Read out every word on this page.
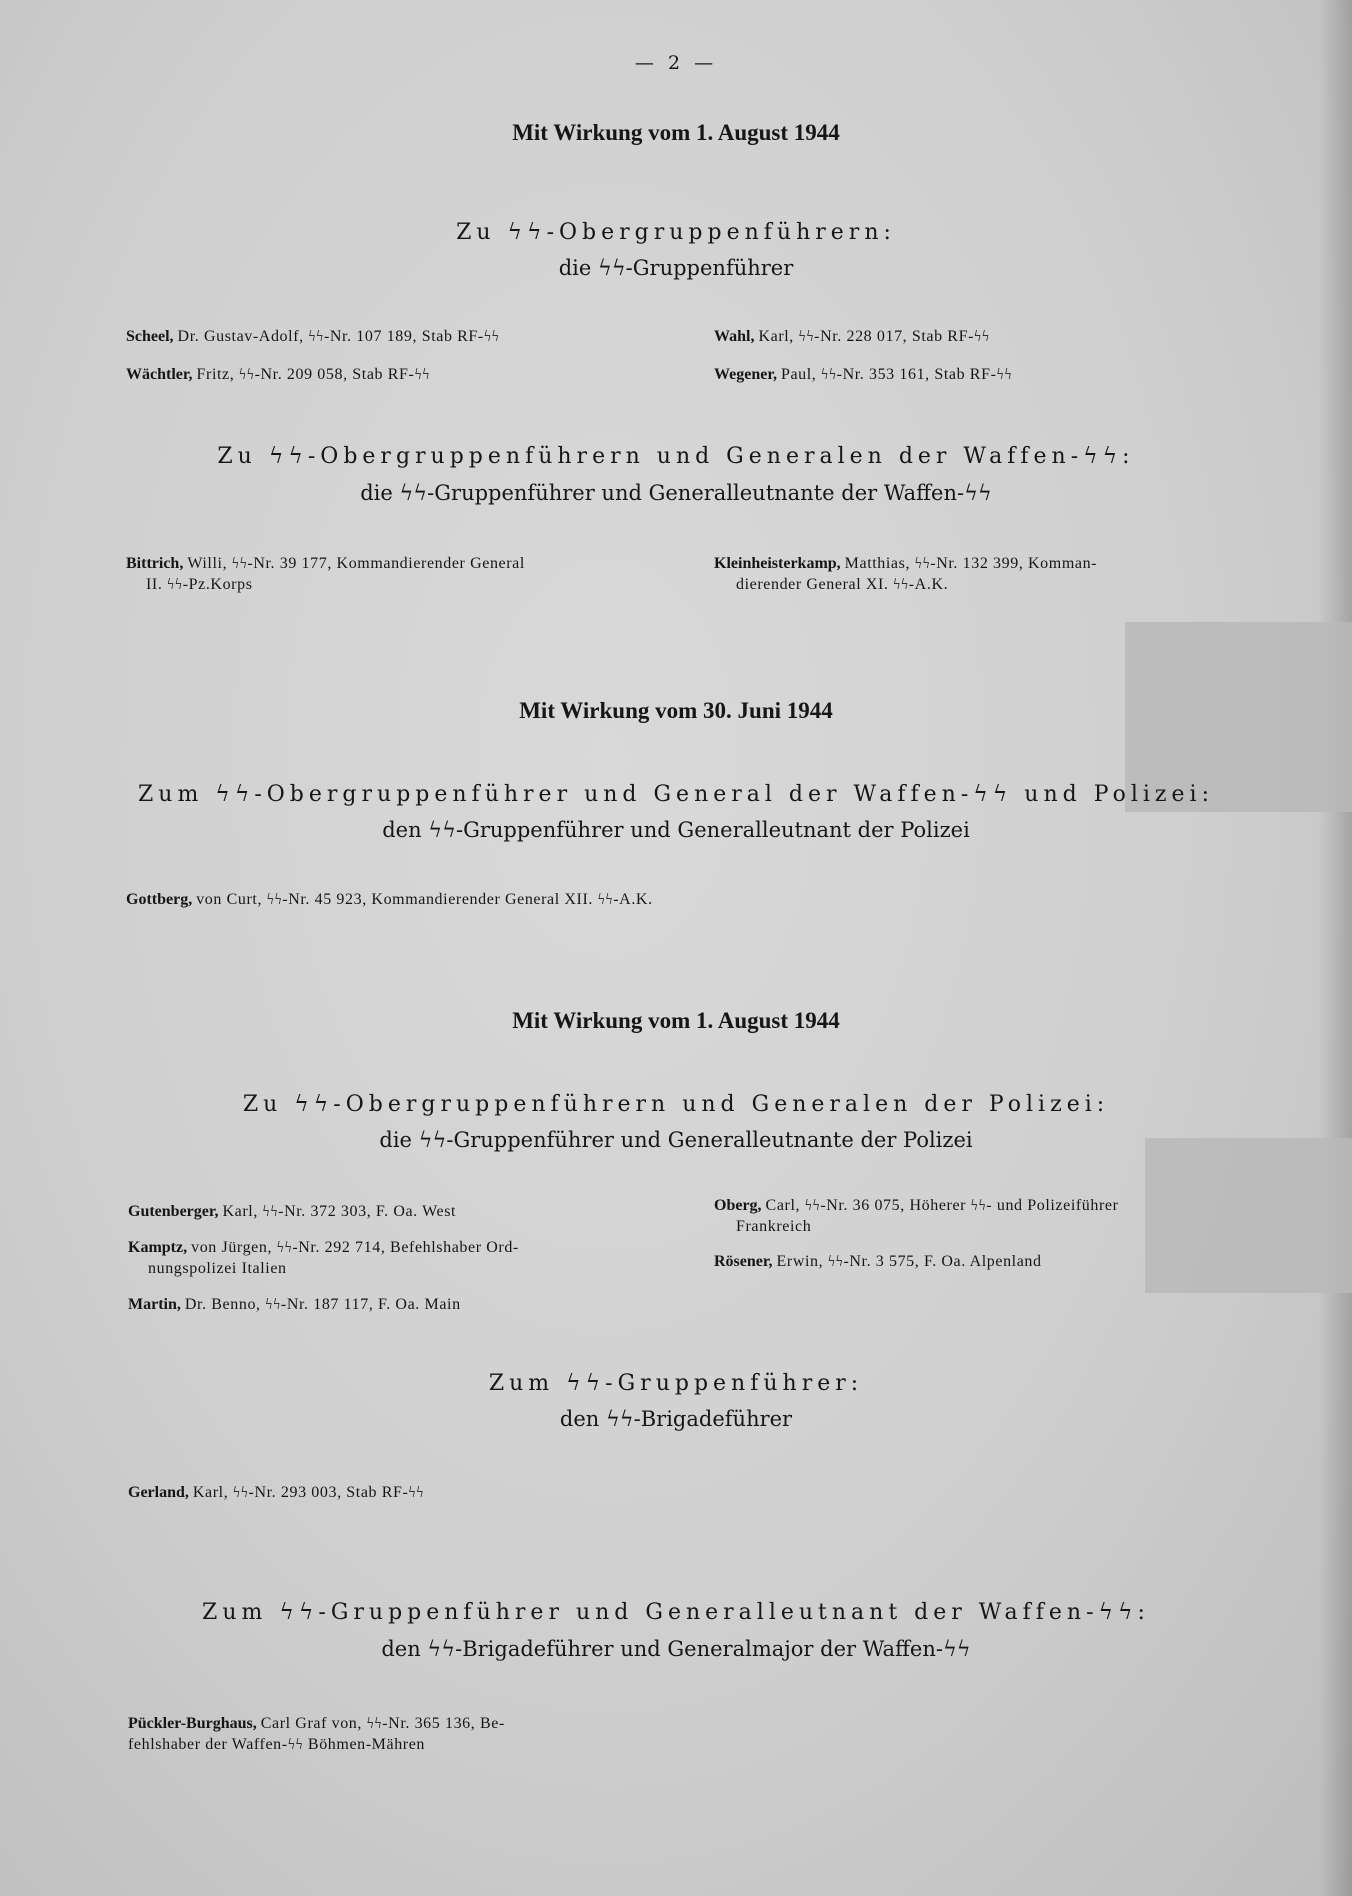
— 2 —
Mit Wirkung vom 1. August 1944
Zu ϟϟ-Obergruppenführern:
die ϟϟ-Gruppenführer
Scheel, Dr. Gustav-Adolf, ϟϟ-Nr. 107 189, Stab RF-ϟϟ
Wächtler, Fritz, ϟϟ-Nr. 209 058, Stab RF-ϟϟ
Wahl, Karl, ϟϟ-Nr. 228 017, Stab RF-ϟϟ
Wegener, Paul, ϟϟ-Nr. 353 161, Stab RF-ϟϟ
Zu ϟϟ-Obergruppenführern und Generalen der Waffen-ϟϟ:
die ϟϟ-Gruppenführer und Generalleutnante der Waffen-ϟϟ
Bittrich, Willi, ϟϟ-Nr. 39 177, Kommandierender General
II. ϟϟ-Pz.Korps
Kleinheisterkamp, Matthias, ϟϟ-Nr. 132 399, Komman-
dierender General XI. ϟϟ-A.K.
Mit Wirkung vom 30. Juni 1944
Zum ϟϟ-Obergruppenführer und General der Waffen-ϟϟ und Polizei:
den ϟϟ-Gruppenführer und Generalleutnant der Polizei
Gottberg, von Curt, ϟϟ-Nr. 45 923, Kommandierender General XII. ϟϟ-A.K.
Mit Wirkung vom 1. August 1944
Zu ϟϟ-Obergruppenführern und Generalen der Polizei:
die ϟϟ-Gruppenführer und Generalleutnante der Polizei
Gutenberger, Karl, ϟϟ-Nr. 372 303, F. Oa. West
Kamptz, von Jürgen, ϟϟ-Nr. 292 714, Befehlshaber Ord-
nungspolizei Italien
Martin, Dr. Benno, ϟϟ-Nr. 187 117, F. Oa. Main
Oberg, Carl, ϟϟ-Nr. 36 075, Höherer ϟϟ- und Polizeiführer
Frankreich
Rösener, Erwin, ϟϟ-Nr. 3 575, F. Oa. Alpenland
Zum ϟϟ-Gruppenführer:
den ϟϟ-Brigadeführer
Gerland, Karl, ϟϟ-Nr. 293 003, Stab RF-ϟϟ
Zum ϟϟ-Gruppenführer und Generalleutnant der Waffen-ϟϟ:
den ϟϟ-Brigadeführer und Generalmajor der Waffen-ϟϟ
Pückler-Burghaus, Carl Graf von, ϟϟ-Nr. 365 136, Be-
fehlshaber der Waffen-ϟϟ Böhmen-Mähren
